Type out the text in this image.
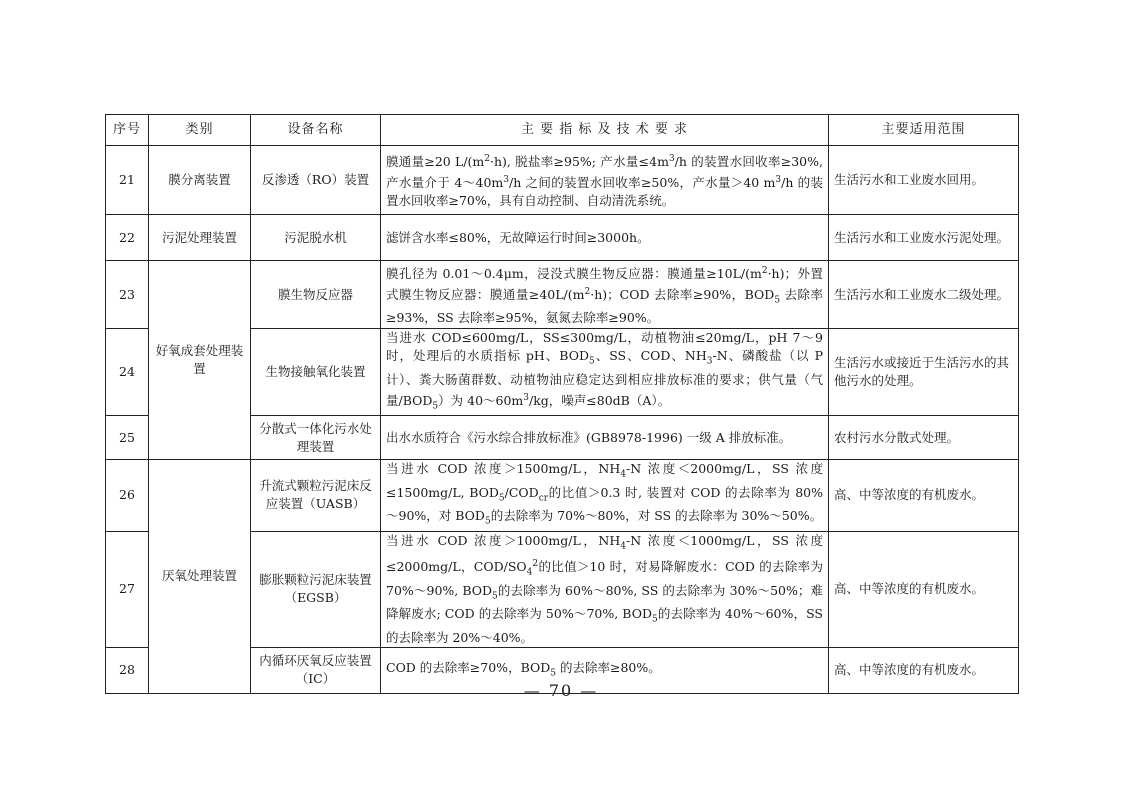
序号	类别	设备名称	主 要 指 标 及 技 术 要 求	主要适用范围
21	膜分离装置	反渗透（RO）装置	膜通量≥20 $L/(m^2\cdot h)$, 脱盐率≥95%; 产水量$\le 4m^3/h$ 的装置水回收率≥30%, 产水量介于 $4\sim 40m^3/h$ 之间的装置水回收率≥50%，产水量＞40 $m^3/h$ 的装置水回收率≥70%，具有自动控制、自动清洗系统。	生活污水和工业废水回用。
22	污泥处理装置	污泥脱水机	滤饼含水率≤80%，无故障运行时间≥3000h。	生活污水和工业废水污泥处理。
23	好氧成套处理装置	膜生物反应器	膜孔径为 0.01～0.4μm，浸没式膜生物反应器：膜通量$\ge 10L/(m^2\cdot h)$；外置式膜生物反应器：膜通量$\ge 40L/(m^2\cdot h)$；COD 去除率≥90%，$BOD_5$ 去除率≥93%，SS 去除率≥95%，氨氮去除率≥90%。	生活污水和工业废水二级处理。
24		生物接触氧化装置	当进水 COD≤600mg/L，SS≤300mg/L，动植物油≤20mg/L，pH 7～9 时，处理后的水质指标 pH、$BOD_5$、SS、COD、$NH_3-N$、磷酸盐（以 P 计）、粪大肠菌群数、动植物油应稳定达到相应排放标准的要求；供气量（气量$/BOD_5$）为 $40\sim 60m^3/kg$，噪声≤80dB（A）。	生活污水或接近于生活污水的其他污水的处理。
25		分散式一体化污水处理装置	出水水质符合《污水综合排放标准》(GB8978-1996) 一级 A 排放标准。	农村污水分散式处理。
26	厌氧处理装置	升流式颗粒污泥床反应装置（UASB）	当进水 COD 浓度＞1500mg/L，$NH_4-N$ 浓度＜2000mg/L，SS 浓度≤1500mg/L, $BOD_5/COD_{cr}$的比值＞0.3 时, 装置对 COD 的去除率为 80%～90%，对 $BOD_5$的去除率为 70%～80%，对 SS 的去除率为 30%～50%。	高、中等浓度的有机废水。
27		膨胀颗粒污泥床装置（EGSB）	当进水 COD 浓度＞1000mg/L，$NH_4-N$ 浓度＜1000mg/L，SS 浓度≤2000mg/L，COD/$SO_4^2$的比值＞10 时，对易降解废水：COD 的去除率为 70%～90%, $BOD_5$的去除率为 60%～80%, SS 的去除率为 30%～50%；难降解废水; COD 的去除率为 50%～70%, $BOD_5$的去除率为 40%～60%，SS 的去除率为 20%～40%。	高、中等浓度的有机废水。
28		内循环厌氧反应装置（IC）	COD 的去除率≥70%，$BOD_5$ 的去除率≥80%。	高、中等浓度的有机废水。
— 70 —
